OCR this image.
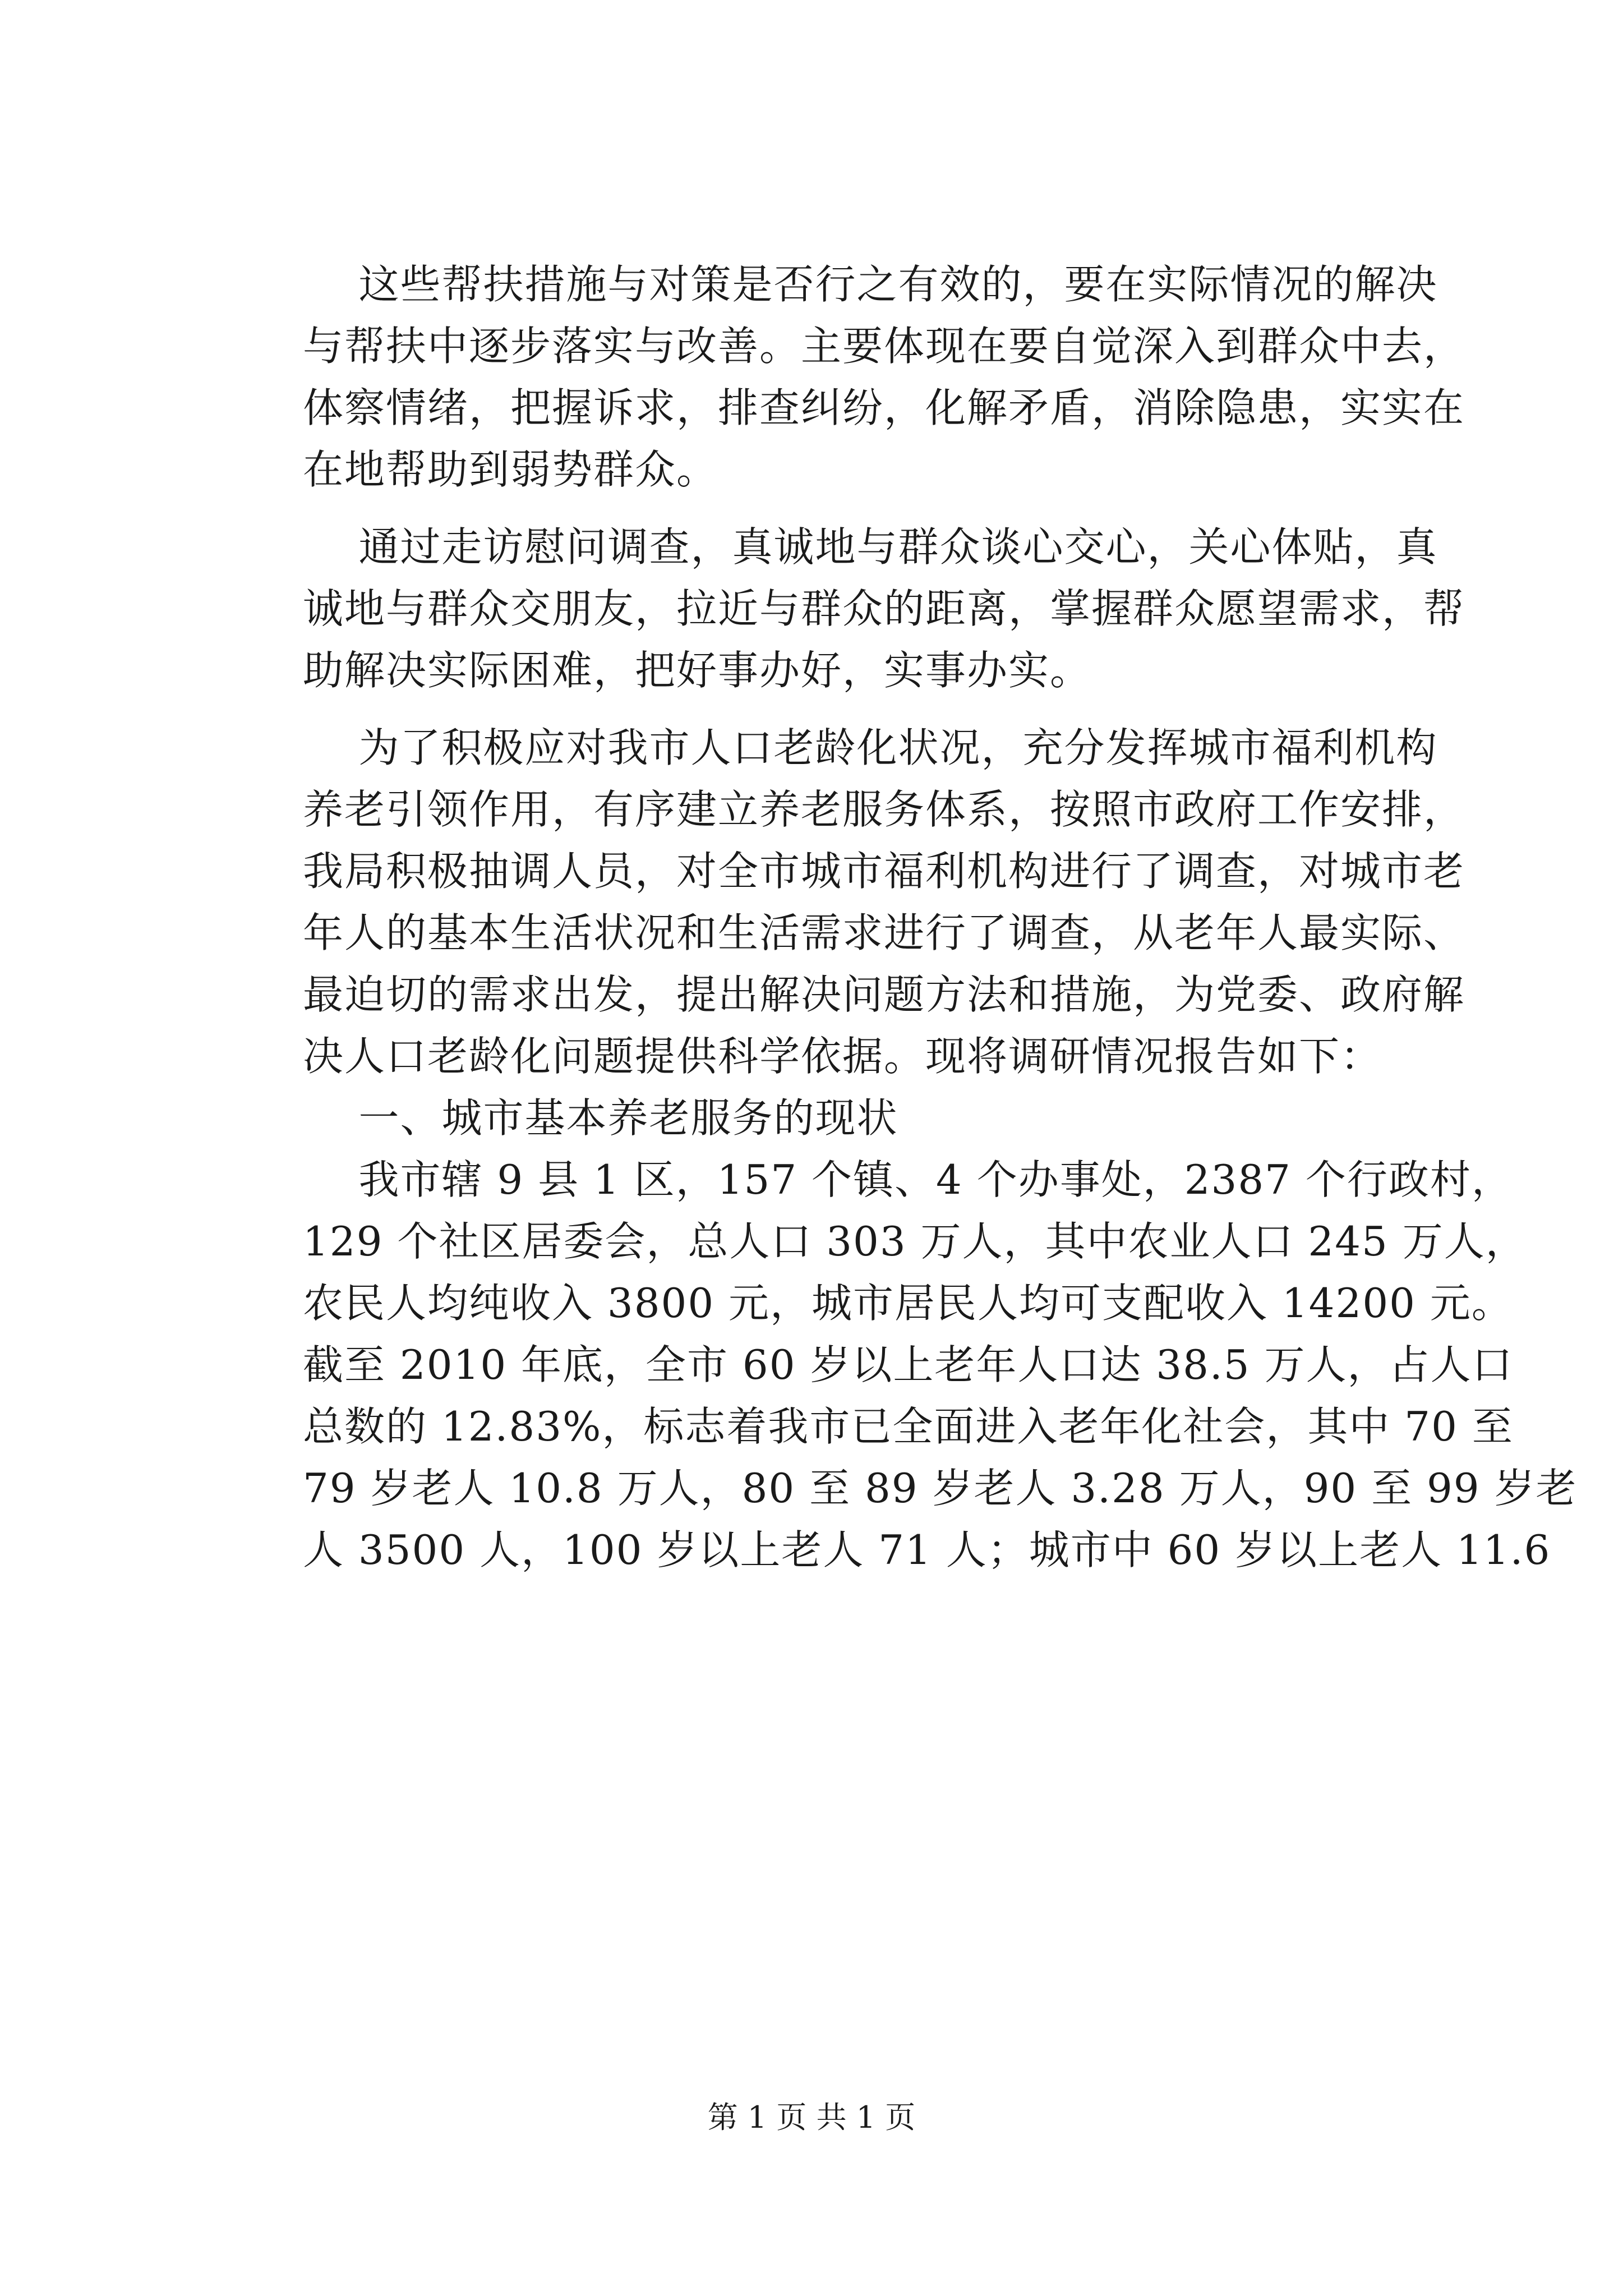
这些帮扶措施与对策是否行之有效的，要在实际情况的解决
与帮扶中逐步落实与改善。主要体现在要自觉深入到群众中去，
体察情绪，把握诉求，排查纠纷，化解矛盾，消除隐患，实实在
在地帮助到弱势群众。
通过走访慰问调查，真诚地与群众谈心交心，关心体贴，真
诚地与群众交朋友，拉近与群众的距离，掌握群众愿望需求，帮
助解决实际困难，把好事办好，实事办实。
为了积极应对我市人口老龄化状况，充分发挥城市福利机构
养老引领作用，有序建立养老服务体系，按照市政府工作安排，
我局积极抽调人员，对全市城市福利机构进行了调查，对城市老
年人的基本生活状况和生活需求进行了调查，从老年人最实际、
最迫切的需求出发，提出解决问题方法和措施，为党委、政府解
决人口老龄化问题提供科学依据。现将调研情况报告如下：
一、城市基本养老服务的现状
我市辖 9 县 1 区，157 个镇、4 个办事处，2387 个行政村，
129 个社区居委会，总人口 303 万人，其中农业人口 245 万人，
农民人均纯收入 3800 元，城市居民人均可支配收入 14200 元。
截至 2010 年底，全市 60 岁以上老年人口达 38.5 万人，占人口
总数的 12.83%，标志着我市已全面进入老年化社会，其中 70 至
79 岁老人 10.8 万人，80 至 89 岁老人 3.28 万人，90 至 99 岁老
人 3500 人，100 岁以上老人 71 人；城市中 60 岁以上老人 11.6
第 1 页 共 1 页
